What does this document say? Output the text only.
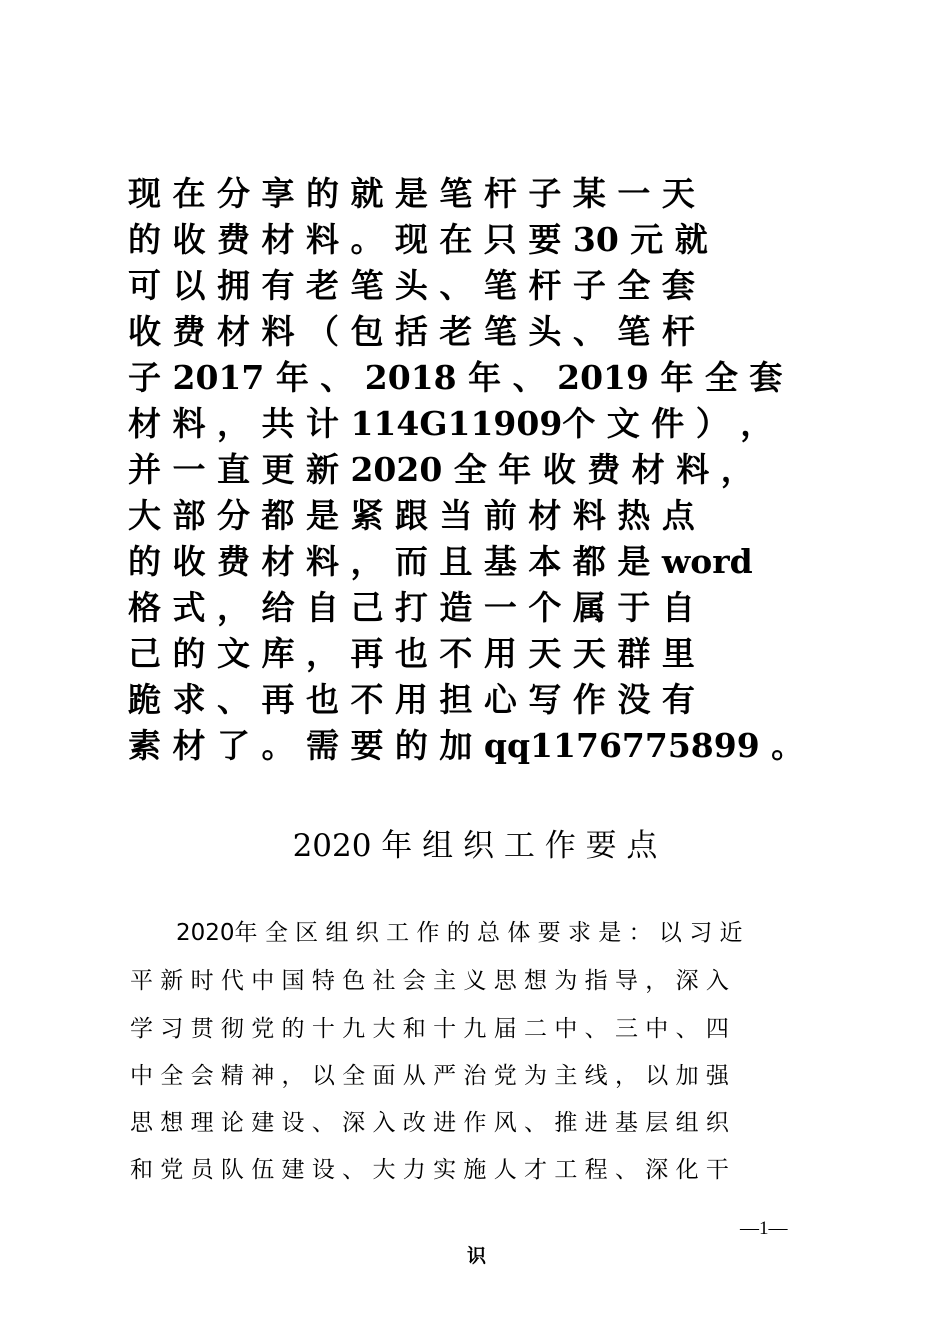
现 在 分 享 的 就 是 笔 杆 子 某 一 天
的 收 费 材 料 。 现 在 只 要 30 元 就
可 以 拥 有 老 笔 头 、 笔 杆 子 全 套
收 费 材 料 （ 包 括 老 笔 头 、 笔 杆
子 2017 年 、 2018 年 、 2019 年 全 套
材 料 ， 共 计 114G11909个 文 件 ） ，
并 一 直 更 新 2020 全 年 收 费 材 料 ，
大 部 分 都 是 紧 跟 当 前 材 料 热 点
的 收 费 材 料 ， 而 且 基 本 都 是 word
格 式 ， 给 自 己 打 造 一 个 属 于 自
己 的 文 库 ， 再 也 不 用 天 天 群 里
跪 求 、 再 也 不 用 担 心 写 作 没 有
素 材 了 。 需 要 的 加 qq1176775899 。
2020 年 组 织 工 作 要 点
　　2020年 全 区 组 织 工 作 的 总 体 要 求 是 ： 以 习 近
平 新 时 代 中 国 特 色 社 会 主 义 思 想 为 指 导 ， 深 入
学 习 贯 彻 党 的 十 九 大 和 十 九 届 二 中 、 三 中 、 四
中 全 会 精 神 ， 以 全 面 从 严 治 党 为 主 线 ， 以 加 强
思 想 理 论 建 设 、 深 入 改 进 作 风 、 推 进 基 层 组 织
和 党 员 队 伍 建 设 、 大 力 实 施 人 才 工 程 、 深 化 干
—1—
识
